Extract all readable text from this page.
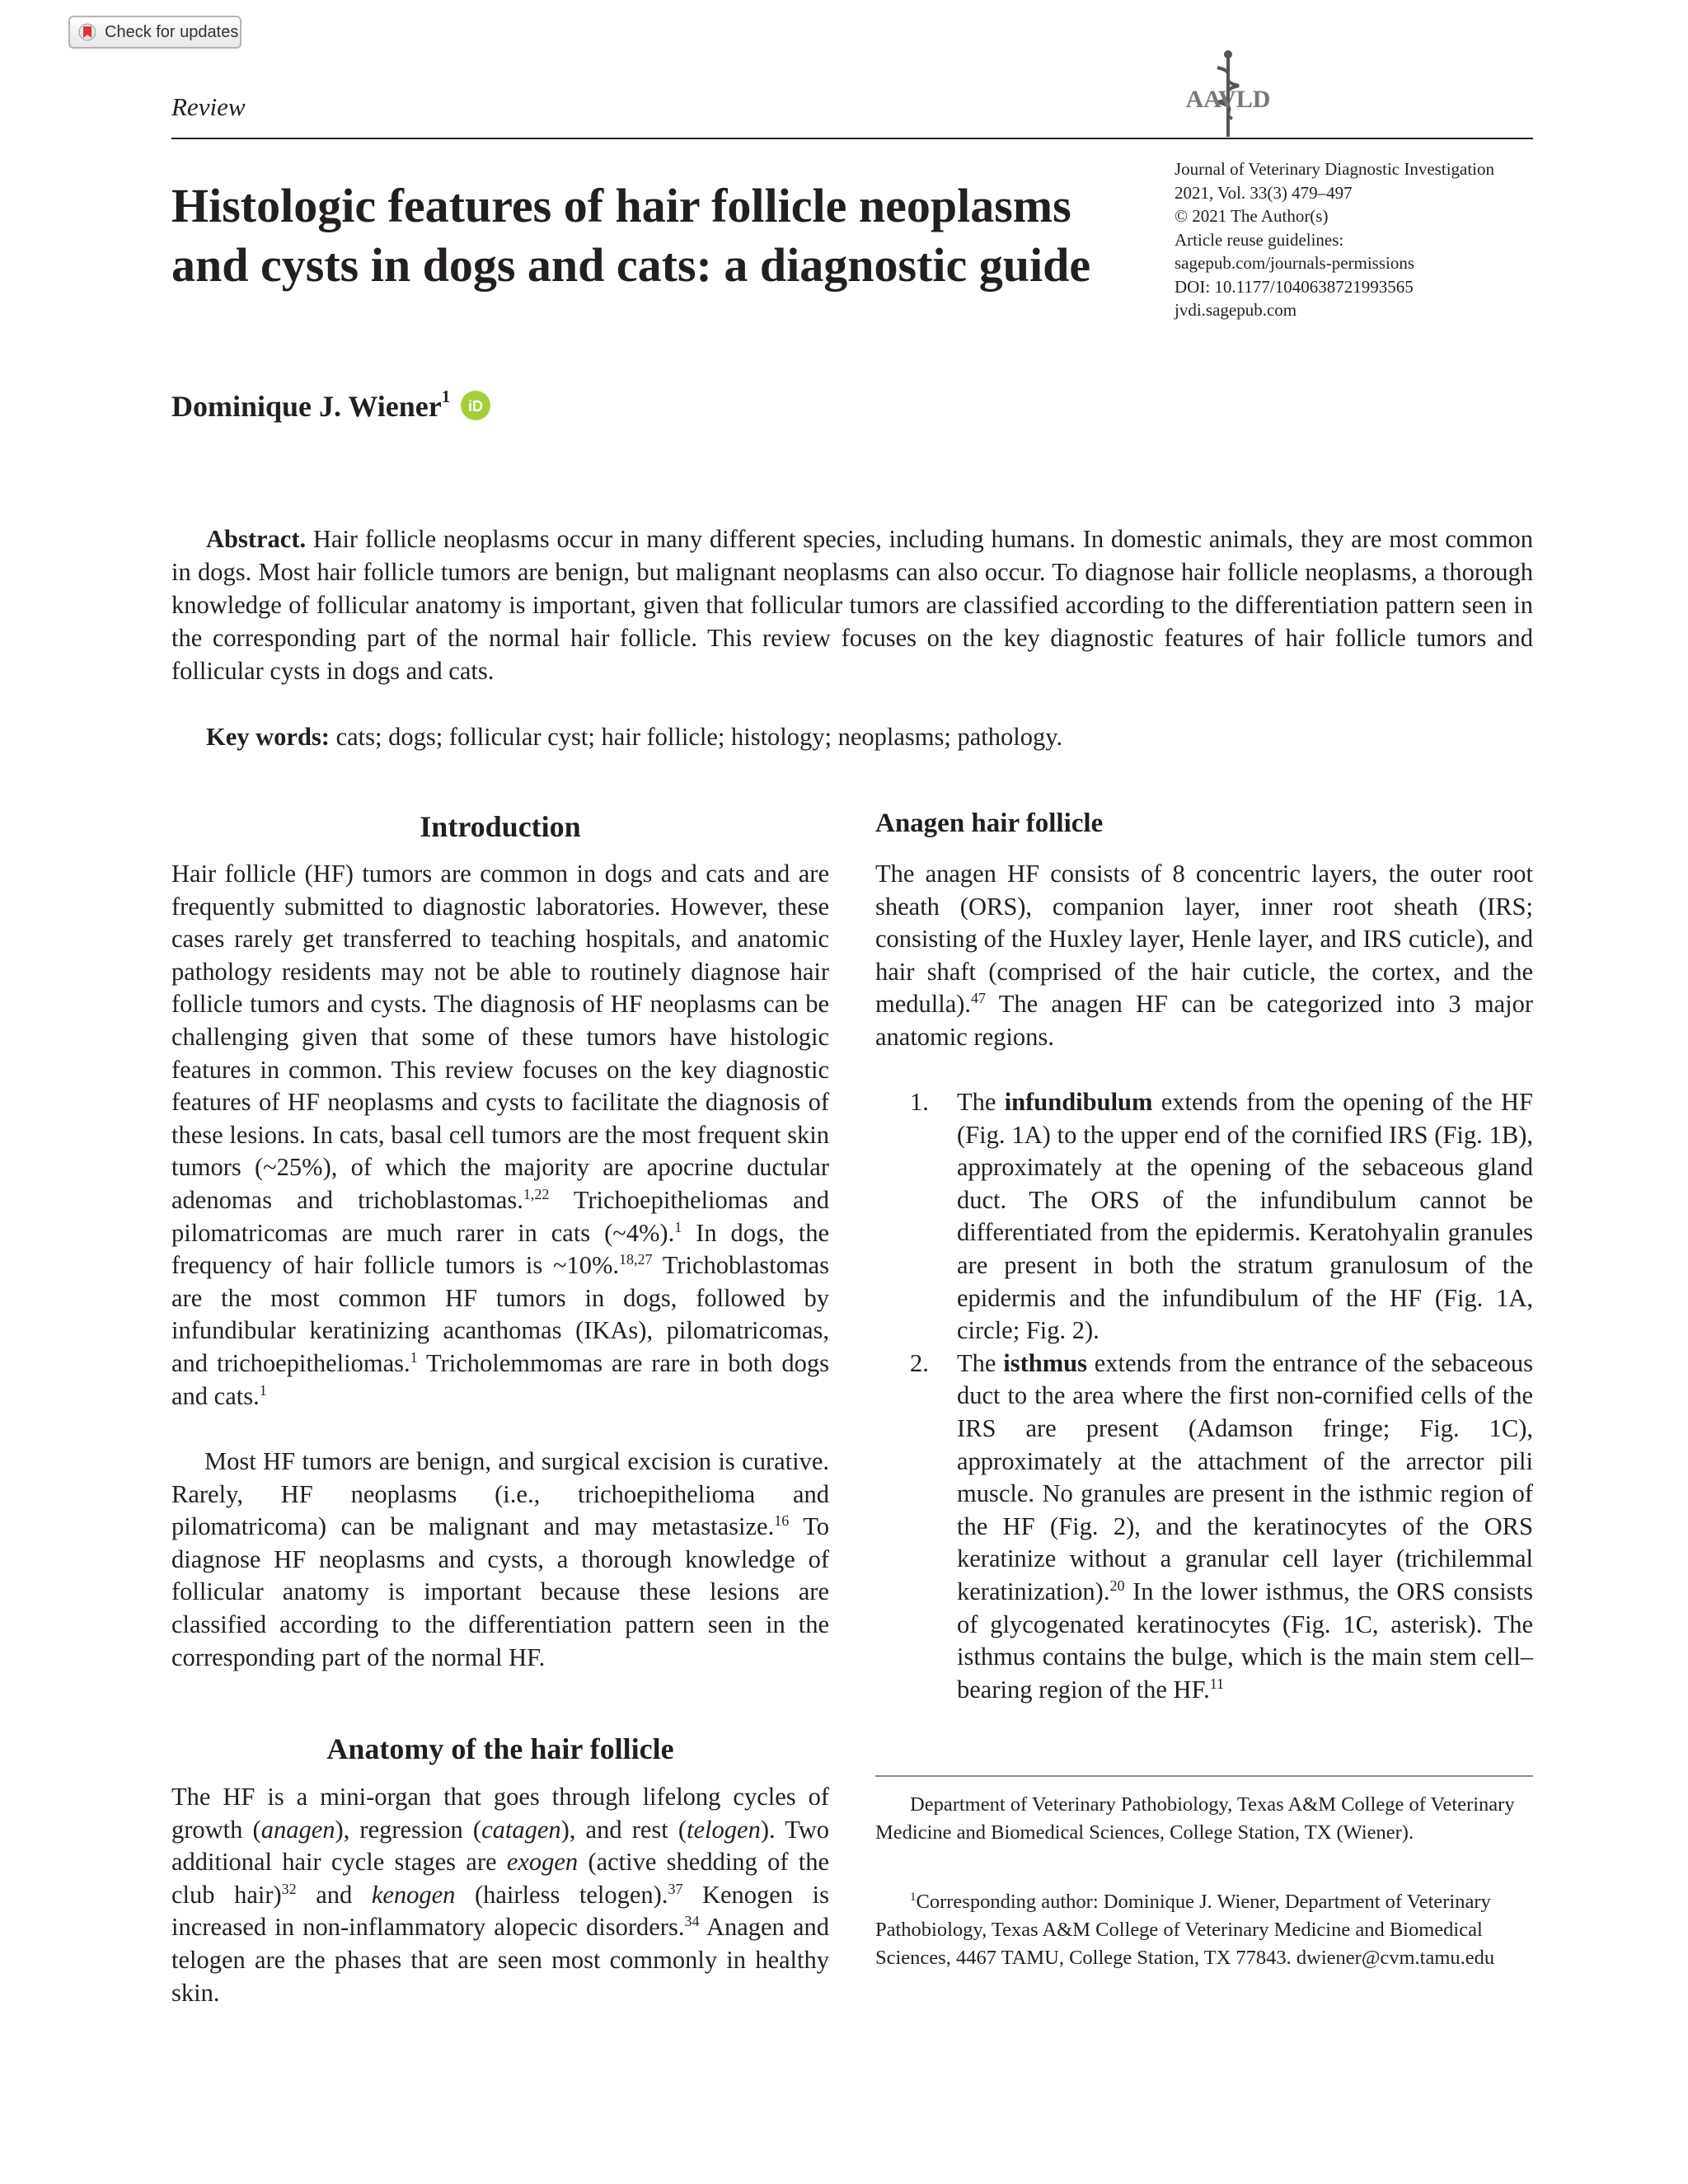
Check for updates
Review	AAVLD
Histologic features of hair follicle neoplasms
and cysts in dogs and cats: a diagnostic guide
Journal of Veterinary Diagnostic Investigation
2021, Vol. 33(3) 479–497
© 2021 The Author(s)
Article reuse guidelines:
sagepub.com/journals-permissions
DOI: 10.1177/1040638721993565
jvdi.sagepub.com
Dominique J. Wiener$^1$ iD

Abstract. Hair follicle neoplasms occur in many different species, including humans. In domestic animals, they are most common in dogs. Most hair follicle tumors are benign, but malignant neoplasms can also occur. To diagnose hair follicle neoplasms, a thorough knowledge of follicular anatomy is important, given that follicular tumors are classified according to the differentiation pattern seen in the corresponding part of the normal hair follicle. This review focuses on the key diagnostic features of hair follicle tumors and follicular cysts in dogs and cats.

Key words: cats; dogs; follicular cyst; hair follicle; histology; neoplasms; pathology.

Introduction

Hair follicle (HF) tumors are common in dogs and cats and are frequently submitted to diagnostic laboratories. However, these cases rarely get transferred to teaching hospitals, and anatomic pathology residents may not be able to routinely diagnose hair follicle tumors and cysts. The diagnosis of HF neoplasms can be challenging given that some of these tumors have histologic features in common. This review focuses on the key diagnostic features of HF neoplasms and cysts to facilitate the diagnosis of these lesions. In cats, basal cell tumors are the most frequent skin tumors (~25%), of which the majority are apocrine ductular adenomas and trichoblastomas.$^{1,22}$ Trichoepitheliomas and pilomatricomas are much rarer in cats (~4%).$^1$ In dogs, the frequency of hair follicle tumors is ~10%.$^{18,27}$ Trichoblastomas are the most common HF tumors in dogs, followed by infundibular keratinizing acanthomas (IKAs), pilomatricomas, and trichoepitheliomas.$^1$ Tricholemmomas are rare in both dogs and cats.$^1$

Most HF tumors are benign, and surgical excision is curative. Rarely, HF neoplasms (i.e., trichoepithelioma and pilomatricoma) can be malignant and may metastasize.$^{16}$ To diagnose HF neoplasms and cysts, a thorough knowledge of follicular anatomy is important because these lesions are classified according to the differentiation pattern seen in the corresponding part of the normal HF.

Anatomy of the hair follicle

The HF is a mini-organ that goes through lifelong cycles of growth (anagen), regression (catagen), and rest (telogen). Two additional hair cycle stages are exogen (active shedding of the club hair)$^{32}$ and kenogen (hairless telogen).$^{37}$ Kenogen is increased in non-inflammatory alopecic disorders.$^{34}$ Anagen and telogen are the phases that are seen most commonly in healthy skin.

Anagen hair follicle

The anagen HF consists of 8 concentric layers, the outer root sheath (ORS), companion layer, inner root sheath (IRS; consisting of the Huxley layer, Henle layer, and IRS cuticle), and hair shaft (comprised of the hair cuticle, the cortex, and the medulla).$^{47}$ The anagen HF can be categorized into 3 major anatomic regions.

1. The infundibulum extends from the opening of the HF (Fig. 1A) to the upper end of the cornified IRS (Fig. 1B), approximately at the opening of the sebaceous gland duct. The ORS of the infundibulum cannot be differentiated from the epidermis. Keratohyalin granules are present in both the stratum granulosum of the epidermis and the infundibulum of the HF (Fig. 1A, circle; Fig. 2).
2. The isthmus extends from the entrance of the sebaceous duct to the area where the first non-cornified cells of the IRS are present (Adamson fringe; Fig. 1C), approximately at the attachment of the arrector pili muscle. No granules are present in the isthmic region of the HF (Fig. 2), and the keratinocytes of the ORS keratinize without a granular cell layer (trichilemmal keratinization).$^{20}$ In the lower isthmus, the ORS consists of glycogenated keratinocytes (Fig. 1C, asterisk). The isthmus contains the bulge, which is the main stem cell–bearing region of the HF.$^{11}$

Department of Veterinary Pathobiology, Texas A&M College of Veterinary Medicine and Biomedical Sciences, College Station, TX (Wiener).

$^1$Corresponding author: Dominique J. Wiener, Department of Veterinary Pathobiology, Texas A&M College of Veterinary Medicine and Biomedical Sciences, 4467 TAMU, College Station, TX 77843. dwiener@cvm.tamu.edu
